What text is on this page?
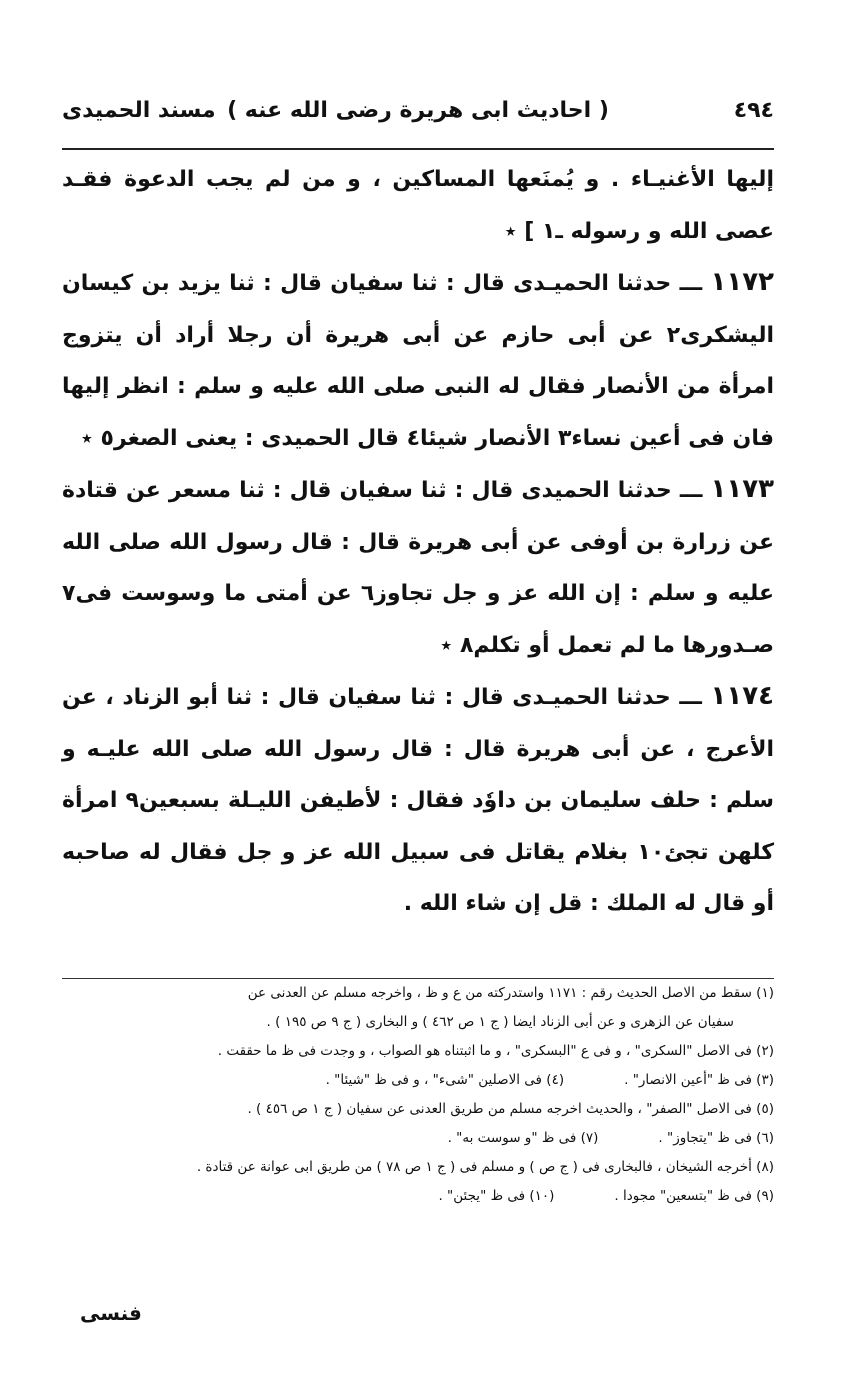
٤٩٤
( احاديث ابى هريرة رضى الله عنه )
مسند الحميدى

إليها الأغنيـاء . و يُمنَعها المساكين ، و من لم يجب الدعوة فقـد عصى الله و رسوله ـ١ ] ٭

١١٧٢ ـــ حدثنا الحميـدى قال : ثنا سفيان قال : ثنا يزيد بن كيسان اليشكرى٢ عن أبى حازم عن أبى هريرة أن رجلا أراد أن يتزوج امرأة من الأنصار فقال له النبى صلى الله عليه و سلم : انظر إليها فان فى أعين نساء٣ الأنصار شيئا٤ قال الحميدى : يعنى الصغر٥ ٭

١١٧٣ ـــ حدثنا الحميدى قال : ثنا سفيان قال : ثنا مسعر عن قتادة عن زرارة بن أوفى عن أبى هريرة قال : قال رسول الله صلى الله عليه و سلم : إن الله عز و جل تجاوز٦ عن أمتى ما وسوست فى٧ صـدورها ما لم تعمل أو تكلم٨ ٭

١١٧٤ ـــ حدثنا الحميـدى قال : ثنا سفيان قال : ثنا أبو الزناد ، عن الأعرج ، عن أبى هريرة قال : قال رسول الله صلى الله عليـه و سلم : حلف سليمان بن داوٗد فقال : لأطيفن الليـلة بسبعين٩ امرأة كلهن تجئ١٠ بغلام يقاتل فى سبيل الله عز و جل فقال له صاحبه أو قال له الملك : قل إن شاء الله .

(١) سقط من الاصل الحديث رقم : ١١٧١ واستدركته من ع و ظ ، واخرجه مسلم عن العدنى عن

سفيان عن الزهرى و عن أبى الزناد ايضا ( ج ١ ص ٤٦٢ ) و البخارى ( ج ٩ ص ١٩٥ ) .

(٢) فى الاصل "السكرى" ، و فى ع "البسكرى" ، و ما اثبتناه هو الصواب ، و وجدت فى ظ ما حققت .

(٣) فى ظ "أعين الانصار" .
(٤) فى الاصلين "شىء" ، و فى ظ "شيئا" .

(٥) فى الاصل "الصفر" ، والحديث اخرجه مسلم من طريق العدنى عن سفيان ( ج ١ ص ٤٥٦ ) .

(٦) فى ظ "يتجاوز" .
(٧) فى ظ "و سوست به" .

(٨) أخرجه الشيخان ، فالبخارى فى ( ج ص ) و مسلم فى ( ج ١ ص ٧٨ ) من طريق ابى عوانة عن قتادة .

(٩) فى ظ "بتسعين" مجودا .
(١٠) فى ظ "يجئن" .
فنسى
